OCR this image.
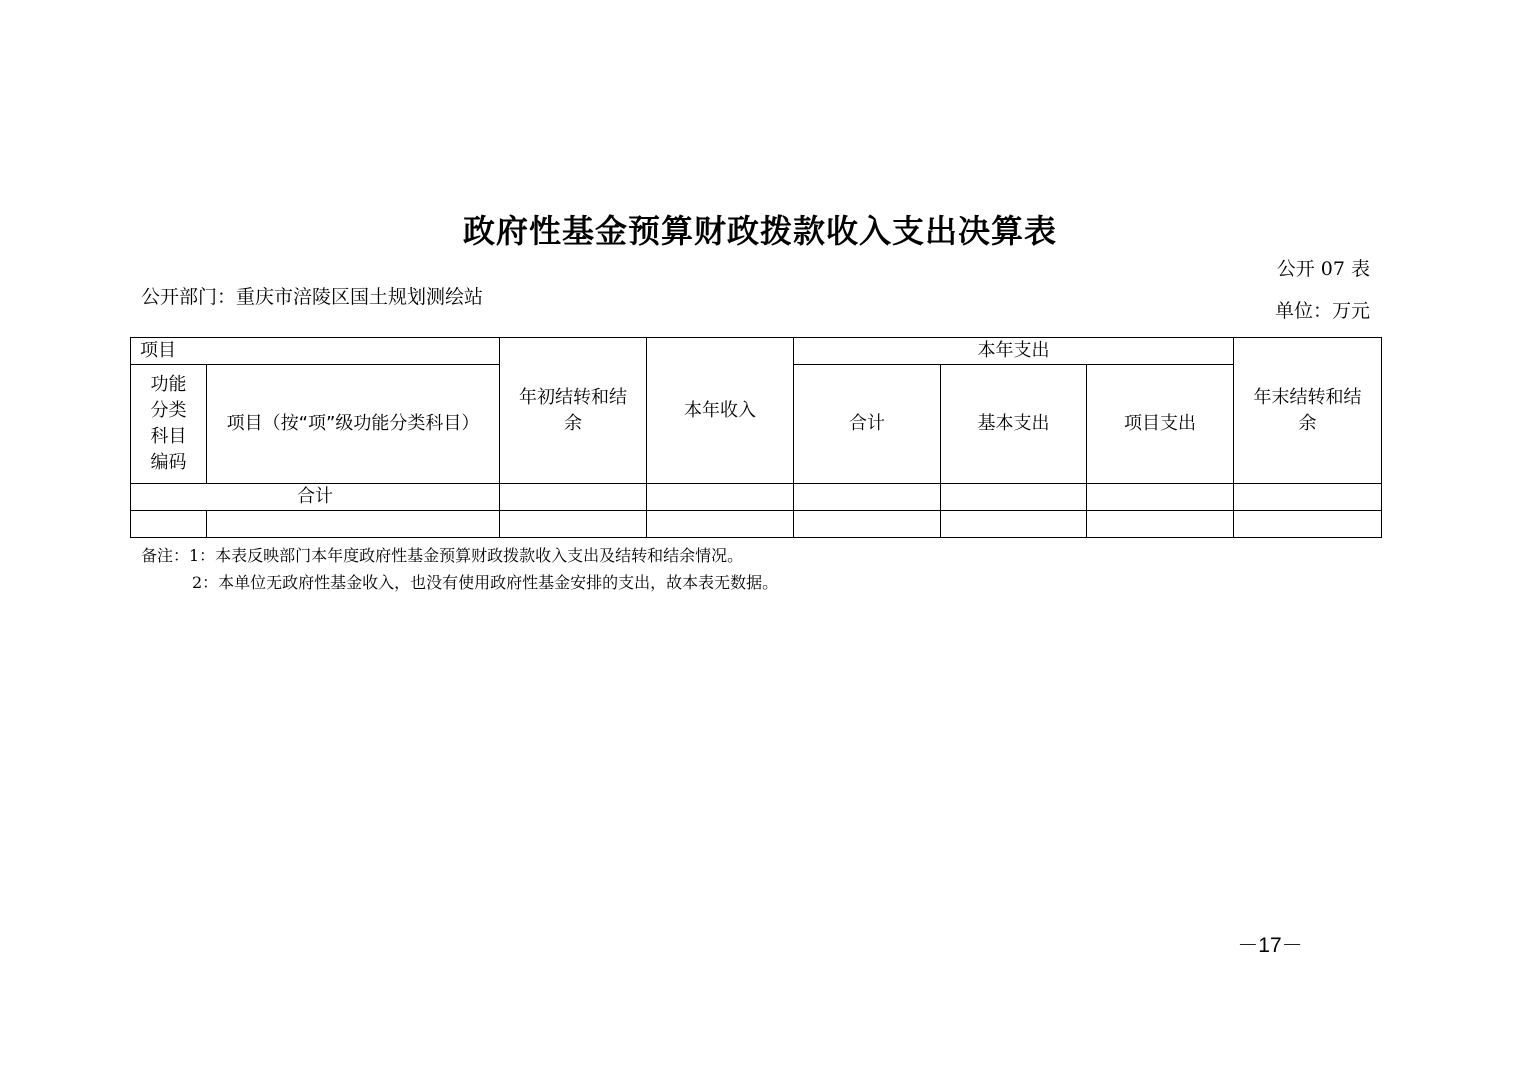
政府性基金预算财政拨款收入支出决算表
公开 07 表
公开部门：重庆市涪陵区国土规划测绘站
单位：万元
项目		年初结转和结余	本年收入	本年支出			年末结转和结余
功能分类科目编码	项目（按“项”级功能分类科目）			合计	基本支出	项目支出	
合计							

备注：1：本表反映部门本年度政府性基金预算财政拨款收入支出及结转和结余情况。
2：本单位无政府性基金收入，也没有使用政府性基金安排的支出，故本表无数据。
－17－
